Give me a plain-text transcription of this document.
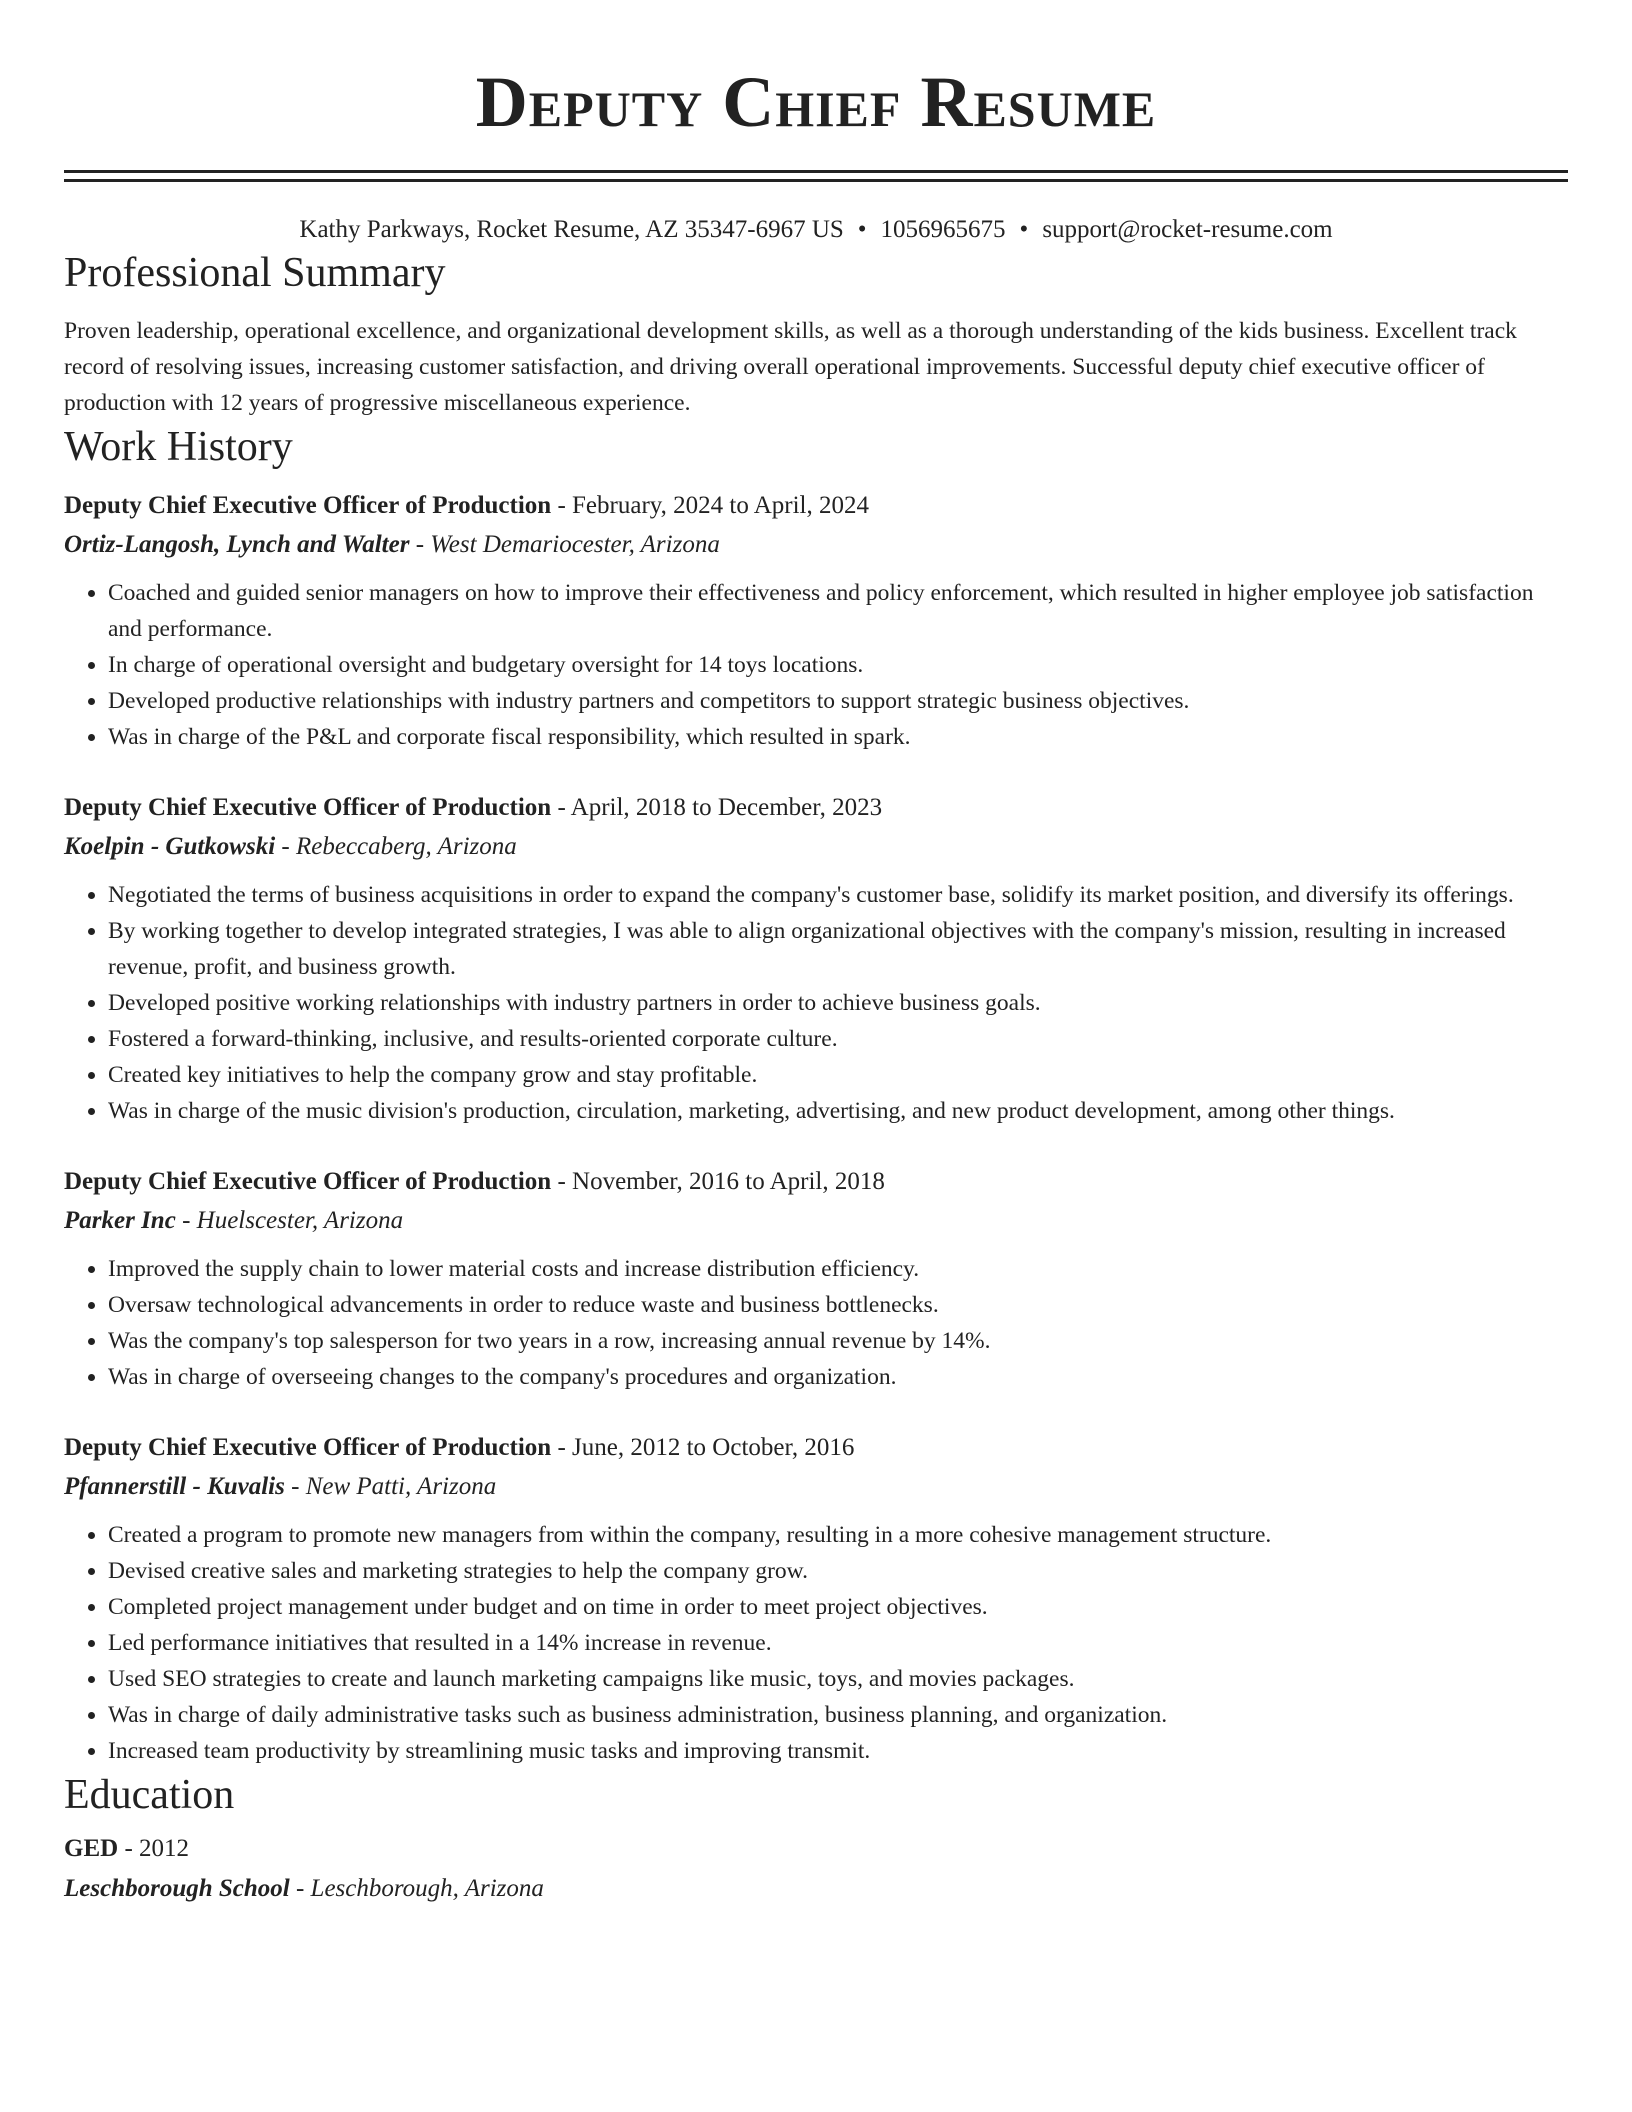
Deputy Chief Resume
Kathy Parkways, Rocket Resume, AZ 35347-6967 US • 1056965675 • support@rocket-resume.com
Professional Summary
Proven leadership, operational excellence, and organizational development skills, as well as a thorough understanding of the kids business. Excellent track record of resolving issues, increasing customer satisfaction, and driving overall operational improvements. Successful deputy chief executive officer of production with 12 years of progressive miscellaneous experience.
Work History
Deputy Chief Executive Officer of Production - February, 2024 to April, 2024
Ortiz-Langosh, Lynch and Walter - West Demariocester, Arizona
• Coached and guided senior managers on how to improve their effectiveness and policy enforcement, which resulted in higher employee job satisfaction and performance.
• In charge of operational oversight and budgetary oversight for 14 toys locations.
• Developed productive relationships with industry partners and competitors to support strategic business objectives.
• Was in charge of the P&L and corporate fiscal responsibility, which resulted in spark.
Deputy Chief Executive Officer of Production - April, 2018 to December, 2023
Koelpin - Gutkowski - Rebeccaberg, Arizona
• Negotiated the terms of business acquisitions in order to expand the company's customer base, solidify its market position, and diversify its offerings.
• By working together to develop integrated strategies, I was able to align organizational objectives with the company's mission, resulting in increased revenue, profit, and business growth.
• Developed positive working relationships with industry partners in order to achieve business goals.
• Fostered a forward-thinking, inclusive, and results-oriented corporate culture.
• Created key initiatives to help the company grow and stay profitable.
• Was in charge of the music division's production, circulation, marketing, advertising, and new product development, among other things.
Deputy Chief Executive Officer of Production - November, 2016 to April, 2018
Parker Inc - Huelscester, Arizona
• Improved the supply chain to lower material costs and increase distribution efficiency.
• Oversaw technological advancements in order to reduce waste and business bottlenecks.
• Was the company's top salesperson for two years in a row, increasing annual revenue by 14%.
• Was in charge of overseeing changes to the company's procedures and organization.
Deputy Chief Executive Officer of Production - June, 2012 to October, 2016
Pfannerstill - Kuvalis - New Patti, Arizona
• Created a program to promote new managers from within the company, resulting in a more cohesive management structure.
• Devised creative sales and marketing strategies to help the company grow.
• Completed project management under budget and on time in order to meet project objectives.
• Led performance initiatives that resulted in a 14% increase in revenue.
• Used SEO strategies to create and launch marketing campaigns like music, toys, and movies packages.
• Was in charge of daily administrative tasks such as business administration, business planning, and organization.
• Increased team productivity by streamlining music tasks and improving transmit.
Education
GED - 2012
Leschborough School - Leschborough, Arizona
